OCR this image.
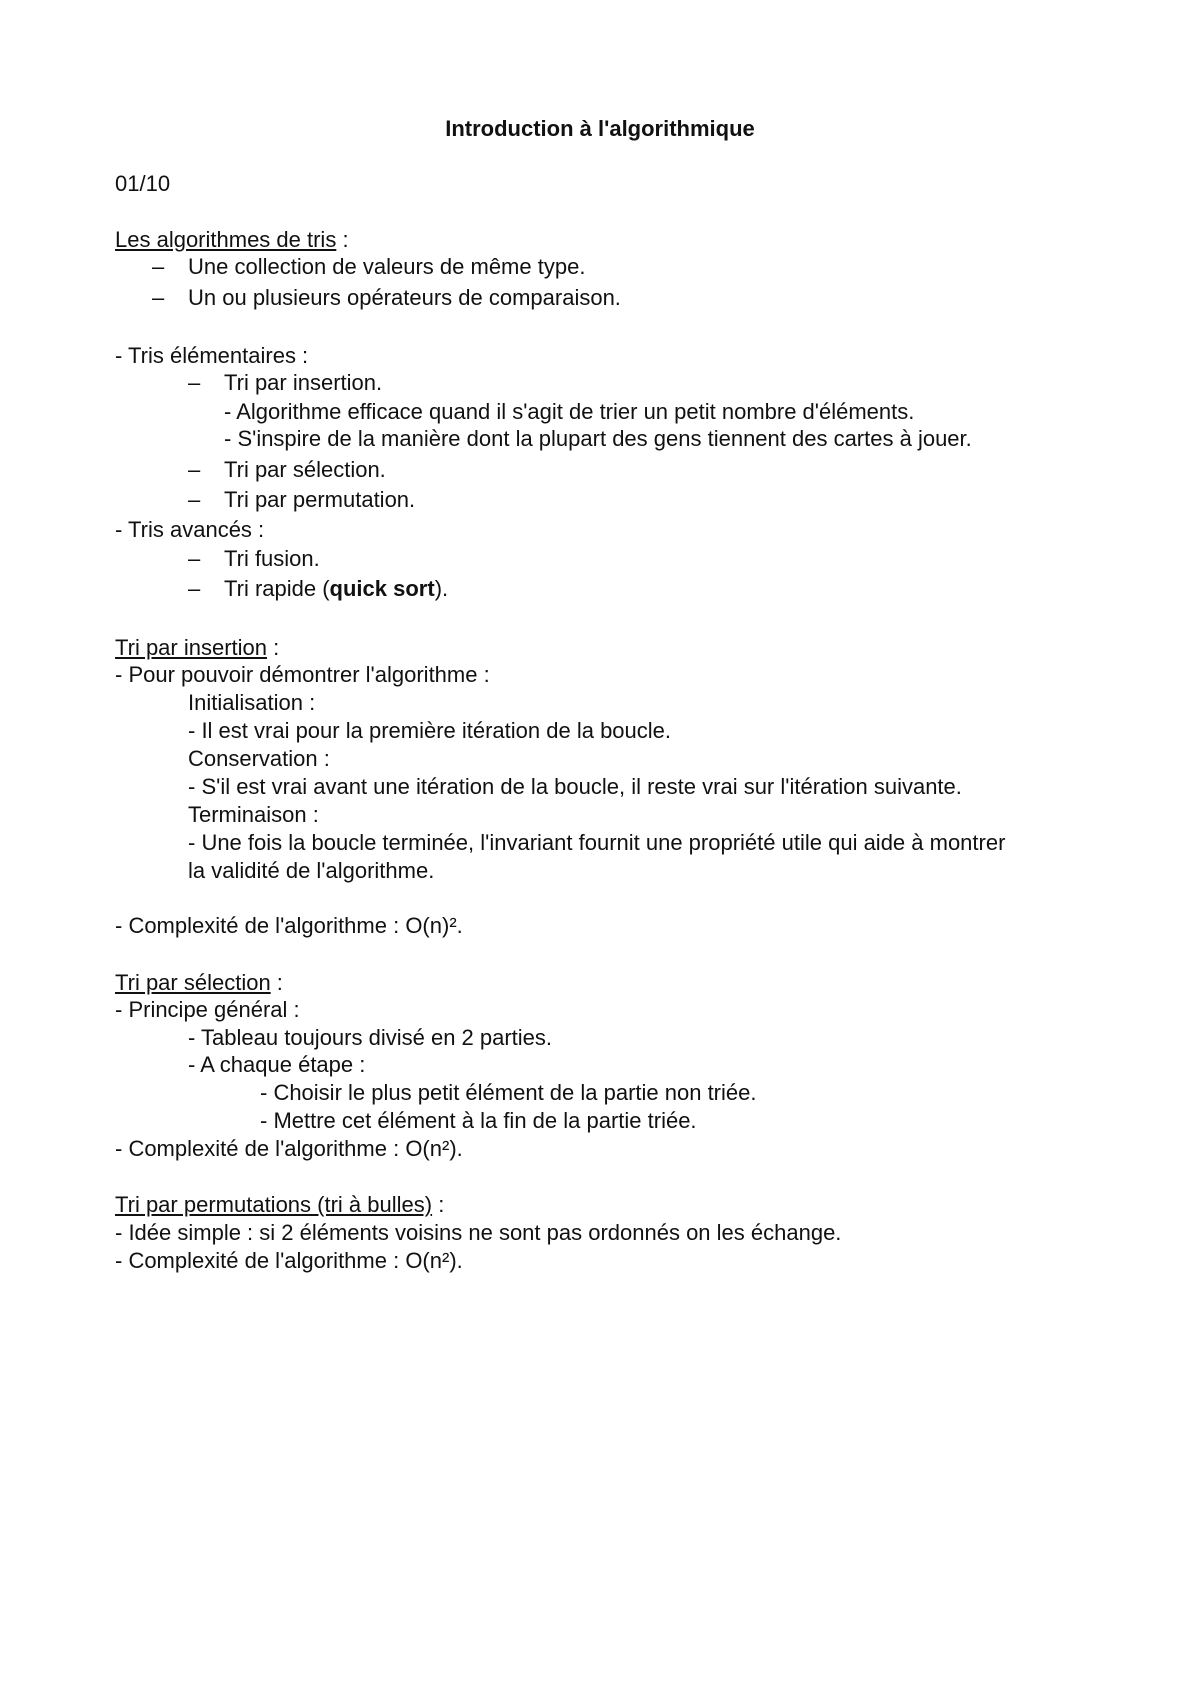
Introduction à l'algorithmique
01/10
Les algorithmes de tris :
– Une collection de valeurs de même type.
– Un ou plusieurs opérateurs de comparaison.
- Tris élémentaires :
– Tri par insertion.
- Algorithme efficace quand il s'agit de trier un petit nombre d'éléments.
- S'inspire de la manière dont la plupart des gens tiennent des cartes à jouer.
– Tri par sélection.
– Tri par permutation.
- Tris avancés :
– Tri fusion.
– Tri rapide (quick sort).
Tri par insertion :
- Pour pouvoir démontrer l'algorithme :
Initialisation :
- Il est vrai pour la première itération de la boucle.
Conservation :
- S'il est vrai avant une itération de la boucle, il reste vrai sur l'itération suivante.
Terminaison :
- Une fois la boucle terminée, l'invariant fournit une propriété utile qui aide à montrer
la validité de l'algorithme.
- Complexité de l'algorithme : O(n)².
Tri par sélection :
- Principe général :
- Tableau toujours divisé en 2 parties.
- A chaque étape :
- Choisir le plus petit élément de la partie non triée.
- Mettre cet élément à la fin de la partie triée.
- Complexité de l'algorithme : O(n²).
Tri par permutations (tri à bulles) :
- Idée simple : si 2 éléments voisins ne sont pas ordonnés on les échange.
- Complexité de l'algorithme : O(n²).
